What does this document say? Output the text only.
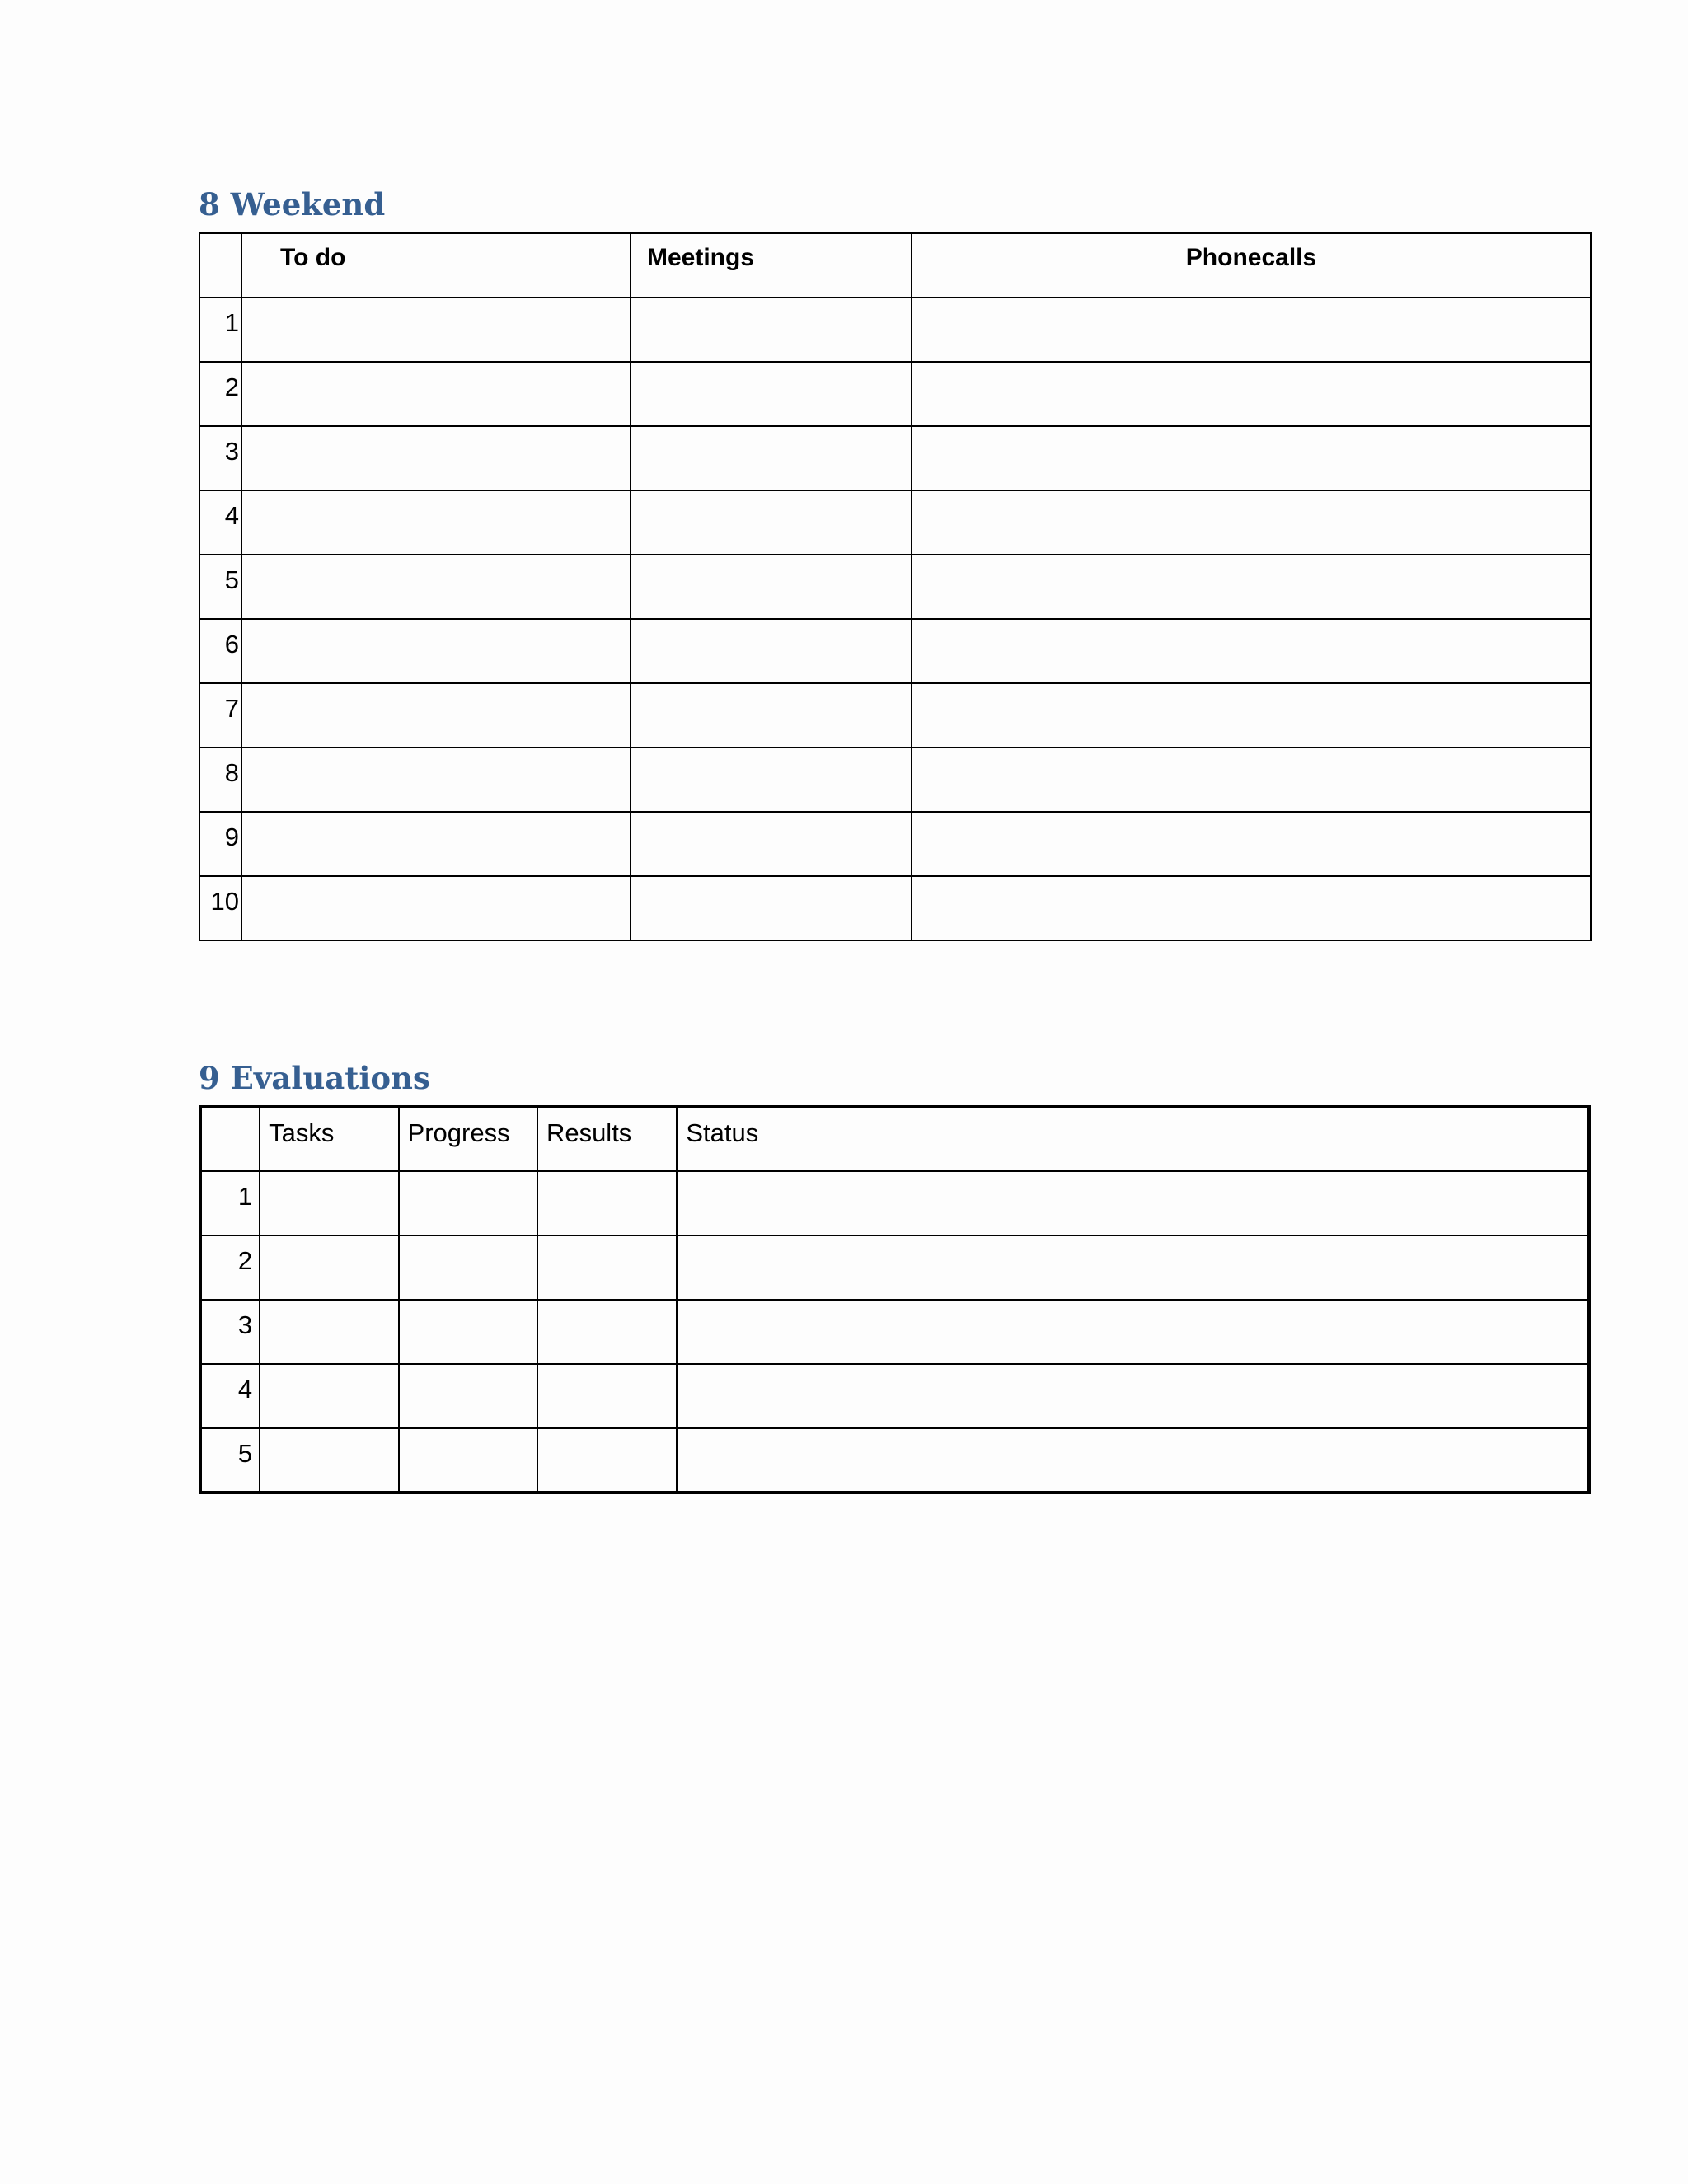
8 Weekend
	To do	Meetings	Phonecalls
1			
2			
3			
4			
5			
6			
7			
8			
9			
10			
9 Evaluations
	Tasks	Progress	Results	Status
1				
2				
3				
4				
5				
